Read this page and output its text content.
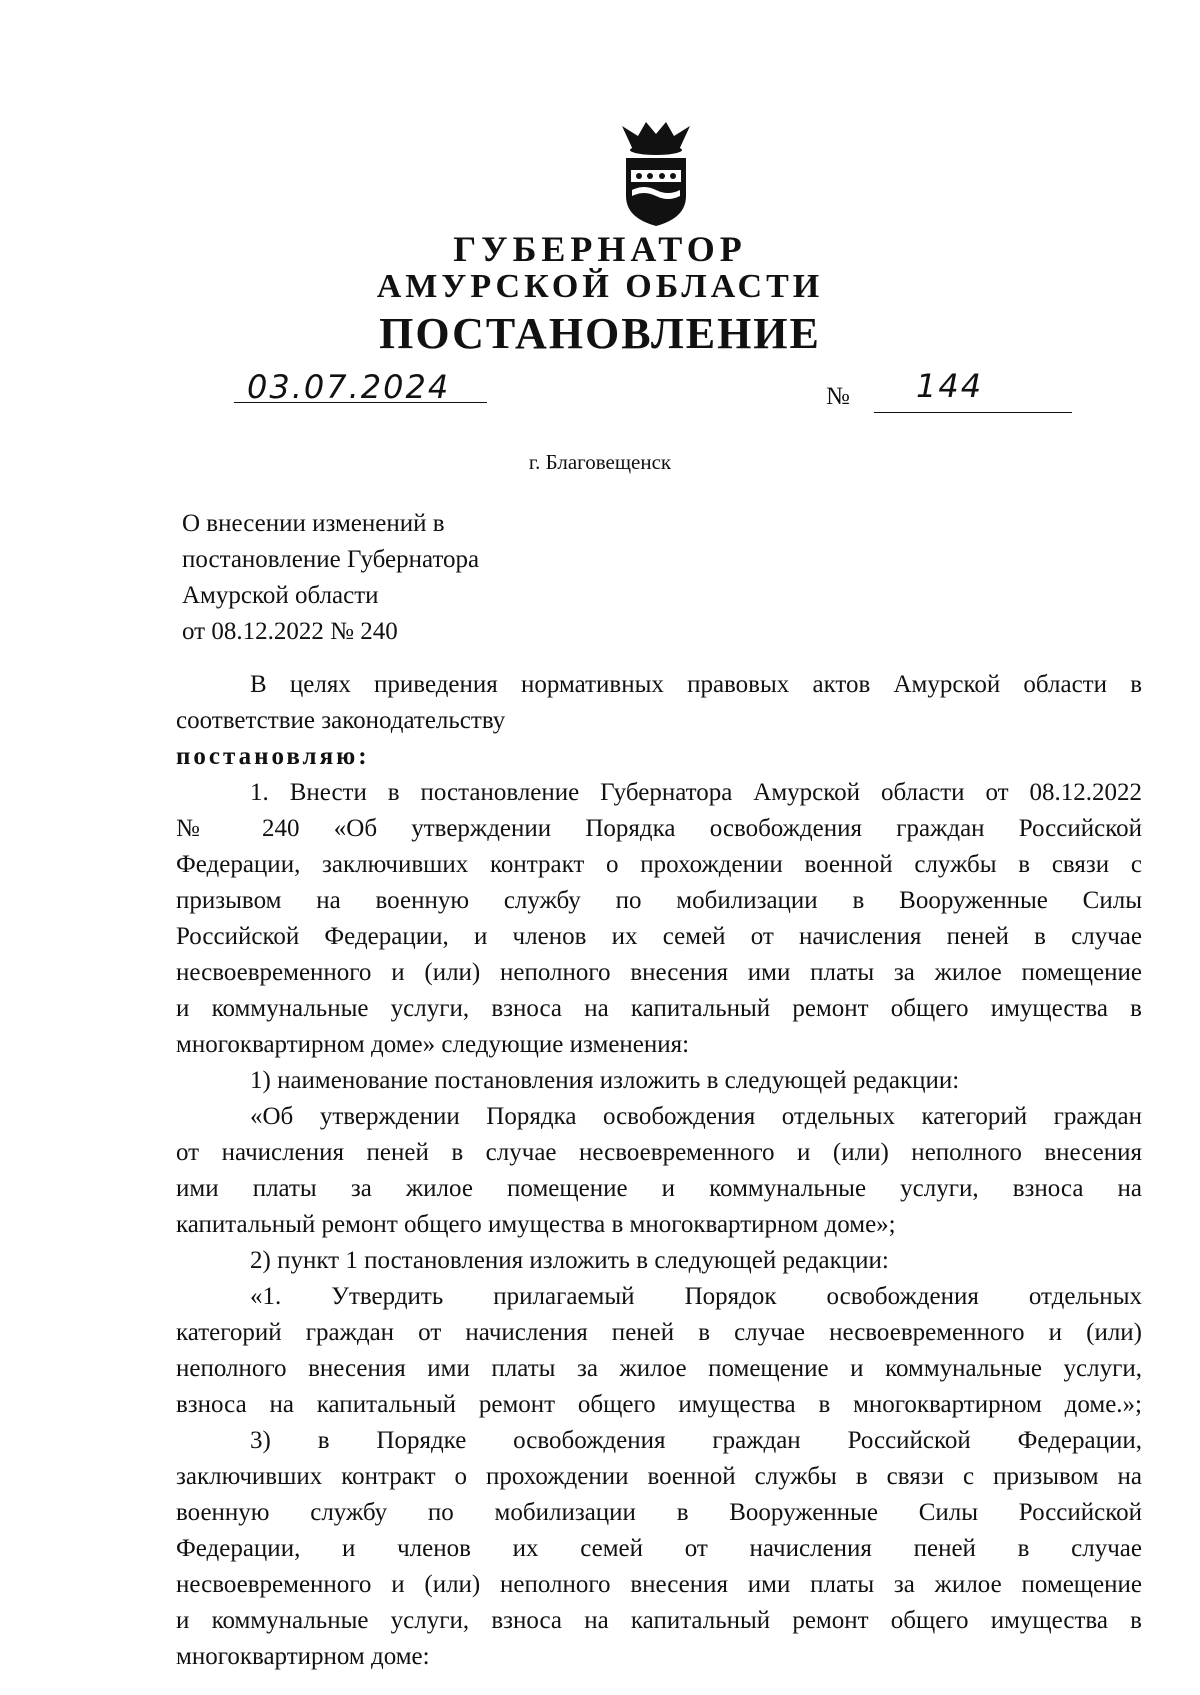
ГУБЕРНАТОР
АМУРСКОЙ ОБЛАСТИ
ПОСТАНОВЛЕНИЕ
03.07.2024	№ 144
г. Благовещенск
О внесении изменений в
постановление Губернатора
Амурской области
от 08.12.2022 № 240

В целях приведения нормативных правовых актов Амурской области в

соответствие законодательству

постановляю:

1. Внести в постановление Губернатора Амурской области от 08.12.2022

№ 240 «Об утверждении Порядка освобождения граждан Российской

Федерации, заключивших контракт о прохождении военной службы в связи с

призывом на военную службу по мобилизации в Вооруженные Силы

Российской Федерации, и членов их семей от начисления пеней в случае

несвоевременного и (или) неполного внесения ими платы за жилое помещение

и коммунальные услуги, взноса на капитальный ремонт общего имущества в

многоквартирном доме» следующие изменения:

1) наименование постановления изложить в следующей редакции:

«Об утверждении Порядка освобождения отдельных категорий граждан

от начисления пеней в случае несвоевременного и (или) неполного внесения

ими платы за жилое помещение и коммунальные услуги, взноса на

капитальный ремонт общего имущества в многоквартирном доме»;

2) пункт 1 постановления изложить в следующей редакции:

«1. Утвердить прилагаемый Порядок освобождения отдельных

категорий граждан от начисления пеней в случае несвоевременного и (или)

неполного внесения ими платы за жилое помещение и коммунальные услуги,

взноса на капитальный ремонт общего имущества в многоквартирном доме.»;

3) в Порядке освобождения граждан Российской Федерации,

заключивших контракт о прохождении военной службы в связи с призывом на

военную службу по мобилизации в Вооруженные Силы Российской

Федерации, и членов их семей от начисления пеней в случае

несвоевременного и (или) неполного внесения ими платы за жилое помещение

и коммунальные услуги, взноса на капитальный ремонт общего имущества в

многоквартирном доме:
